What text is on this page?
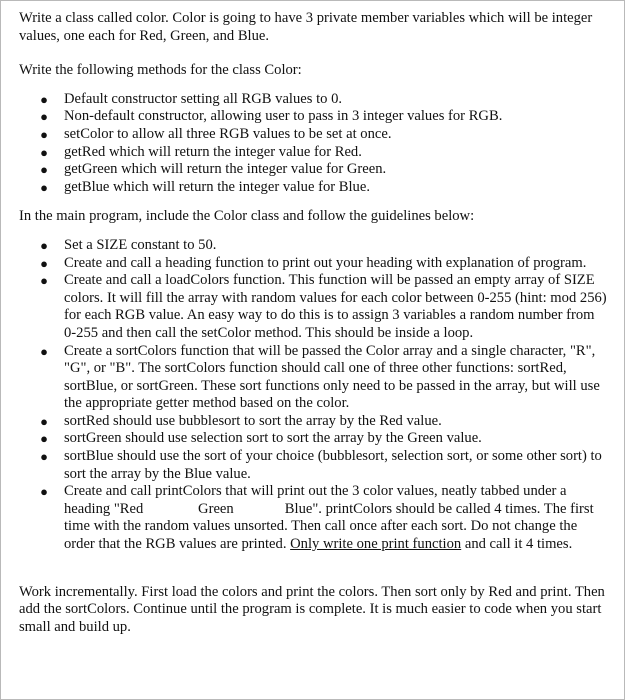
Write a class called color. Color is going to have 3 private member variables which will be integer values, one each for Red, Green, and Blue.

Write the following methods for the class Color:

● Default constructor setting all RGB values to 0.
● Non-default constructor, allowing user to pass in 3 integer values for RGB.
● setColor to allow all three RGB values to be set at once.
● getRed which will return the integer value for Red.
● getGreen which will return the integer value for Green.
● getBlue which will return the integer value for Blue.

In the main program, include the Color class and follow the guidelines below:

● Set a SIZE constant to 50.
● Create and call a heading function to print out your heading with explanation of program.
● Create and call a loadColors function. This function will be passed an empty array of SIZE colors. It will fill the array with random values for each color between 0-255 (hint: mod 256) for each RGB value. An easy way to do this is to assign 3 variables a random number from 0-255 and then call the setColor method. This should be inside a loop.
● Create a sortColors function that will be passed the Color array and a single character, "R", "G", or "B". The sortColors function should call one of three other functions: sortRed, sortBlue, or sortGreen. These sort functions only need to be passed in the array, but will use the appropriate getter method based on the color.
● sortRed should use bubblesort to sort the array by the Red value.
● sortGreen should use selection sort to sort the array by the Green value.
● sortBlue should use the sort of your choice (bubblesort, selection sort, or some other sort) to sort the array by the Blue value.
● Create and call printColors that will print out the 3 color values, neatly tabbed under a heading "Red	Green	Blue". printColors should be called 4 times. The first time with the random values unsorted. Then call once after each sort. Do not change the order that the RGB values are printed. Only write one print function and call it 4 times.

Work incrementally. First load the colors and print the colors. Then sort only by Red and print. Then add the sortColors. Continue until the program is complete. It is much easier to code when you start small and build up.
